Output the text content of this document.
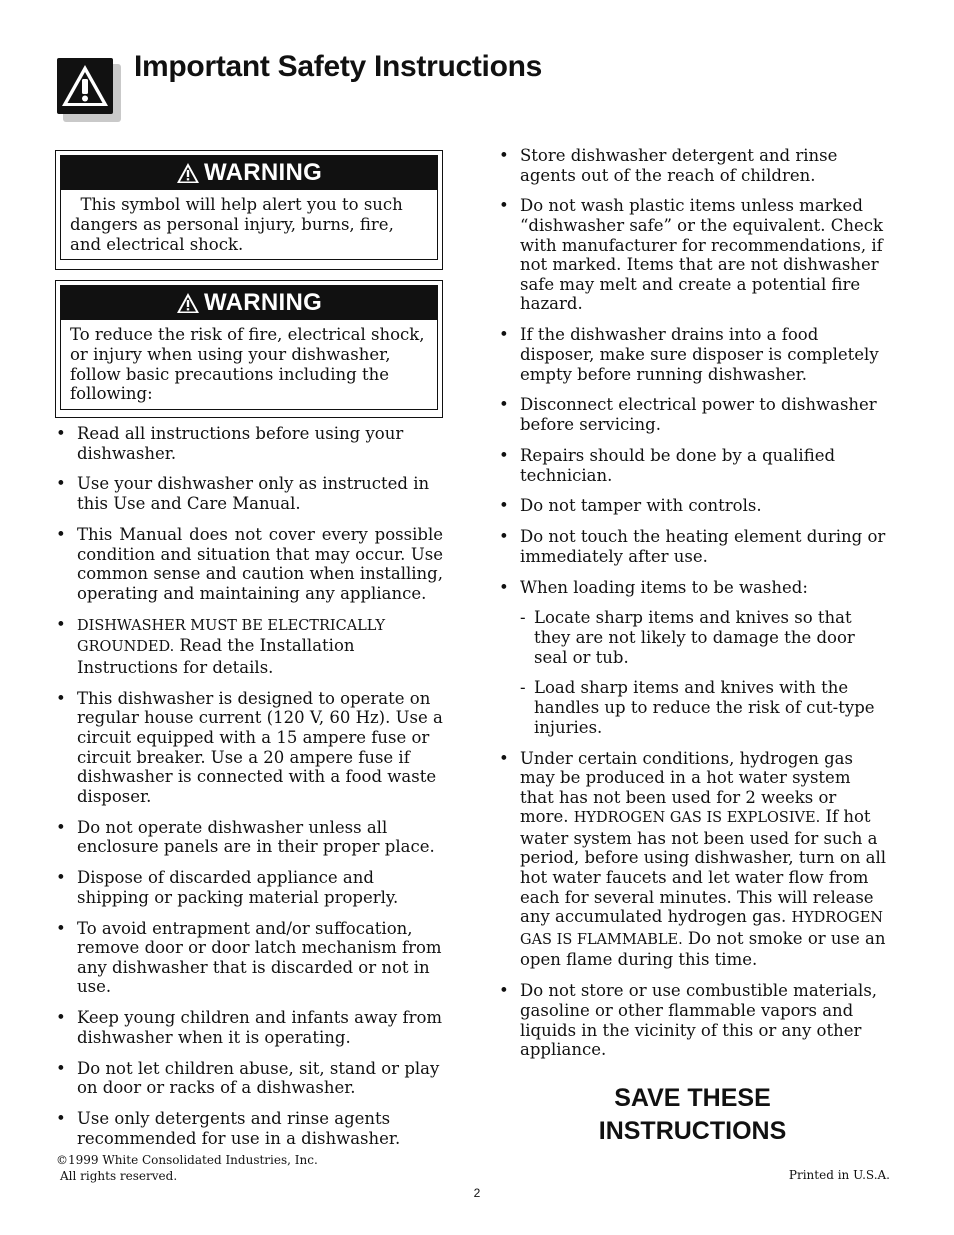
Important Safety Instructions
WARNING
This symbol will help alert you to such dangers as personal injury, burns, fire, and electrical shock.
WARNING
To reduce the risk of fire, electrical shock, or injury when using your dishwasher, follow basic precautions including the following:
• Read all instructions before using your dishwasher.
• Use your dishwasher only as instructed in this Use and Care Manual.
• This Manual does not cover every possible condition and situation that may occur. Use common sense and caution when installing, operating and maintaining any appliance.
• DISHWASHER MUST BE ELECTRICALLY GROUNDED. Read the Installation Instructions for details.
• This dishwasher is designed to operate on regular house current (120 V, 60 Hz). Use a circuit equipped with a 15 ampere fuse or circuit breaker. Use a 20 ampere fuse if dishwasher is connected with a food waste disposer.
• Do not operate dishwasher unless all enclosure panels are in their proper place.
• Dispose of discarded appliance and shipping or packing material properly.
• To avoid entrapment and/or suffocation, remove door or door latch mechanism from any dishwasher that is discarded or not in use.
• Keep young children and infants away from dishwasher when it is operating.
• Do not let children abuse, sit, stand or play on door or racks of a dishwasher.
• Use only detergents and rinse agents recommended for use in a dishwasher.
• Store dishwasher detergent and rinse agents out of the reach of children.
• Do not wash plastic items unless marked “dishwasher safe” or the equivalent. Check with manufacturer for recommendations, if not marked. Items that are not dishwasher safe may melt and create a potential fire hazard.
• If the dishwasher drains into a food disposer, make sure disposer is completely empty before running dishwasher.
• Disconnect electrical power to dishwasher before servicing.
• Repairs should be done by a qualified technician.
• Do not tamper with controls.
• Do not touch the heating element during or immediately after use.
• When loading items to be washed:
- Locate sharp items and knives so that they are not likely to damage the door seal or tub.
- Load sharp items and knives with the handles up to reduce the risk of cut-type injuries.
• Under certain conditions, hydrogen gas may be produced in a hot water system that has not been used for 2 weeks or more. HYDROGEN GAS IS EXPLOSIVE. If hot water system has not been used for such a period, before using dishwasher, turn on all hot water faucets and let water flow from each for several minutes. This will release any accumulated hydrogen gas. HYDROGEN GAS IS FLAMMABLE. Do not smoke or use an open flame during this time.
• Do not store or use combustible materials, gasoline or other flammable vapors and liquids in the vicinity of this or any other appliance.
SAVE THESE
INSTRUCTIONS
©1999 White Consolidated Industries, Inc.
All rights reserved.	Printed in U.S.A.
2
